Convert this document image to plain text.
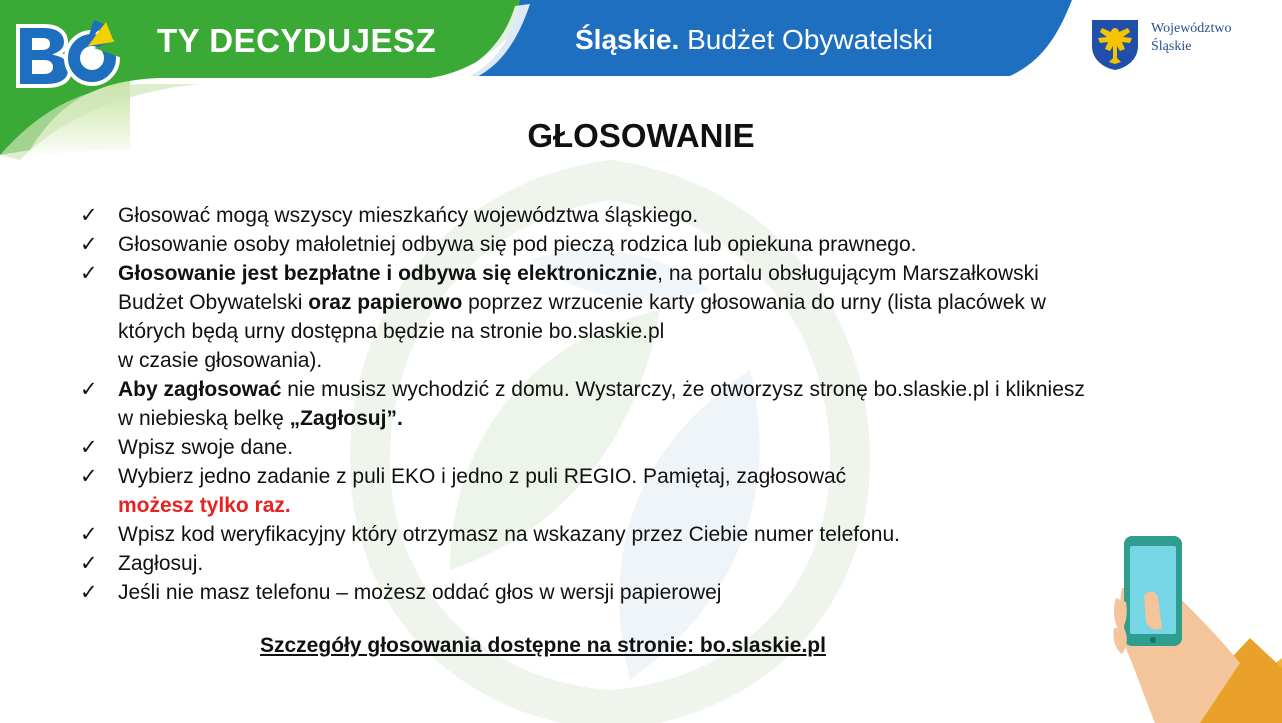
TY DECYDUJESZ	Śląskie. Budżet Obywatelski	Województwo
Śląskie
GŁOSOWANIE
✓ Głosować mogą wszyscy mieszkańcy województwa śląskiego.
✓ Głosowanie osoby małoletniej odbywa się pod pieczą rodzica lub opiekuna prawnego.
✓ Głosowanie jest bezpłatne i odbywa się elektronicznie, na portalu obsługującym Marszałkowski Budżet Obywatelski oraz papierowo poprzez wrzucenie karty głosowania do urny (lista placówek w których będą urny dostępna będzie na stronie bo.slaskie.pl
w czasie głosowania).
✓ Aby zagłosować nie musisz wychodzić z domu. Wystarczy, że otworzysz stronę bo.slaskie.pl i klikniesz w niebieską belkę „Zagłosuj”.
✓ Wpisz swoje dane.
✓ Wybierz jedno zadanie z puli EKO i jedno z puli REGIO. Pamiętaj, zagłosować
możesz tylko raz.
✓ Wpisz kod weryfikacyjny który otrzymasz na wskazany przez Ciebie numer telefonu.
✓ Zagłosuj.
✓ Jeśli nie masz telefonu – możesz oddać głos w wersji papierowej
Szczegóły głosowania dostępne na stronie: bo.slaskie.pl
